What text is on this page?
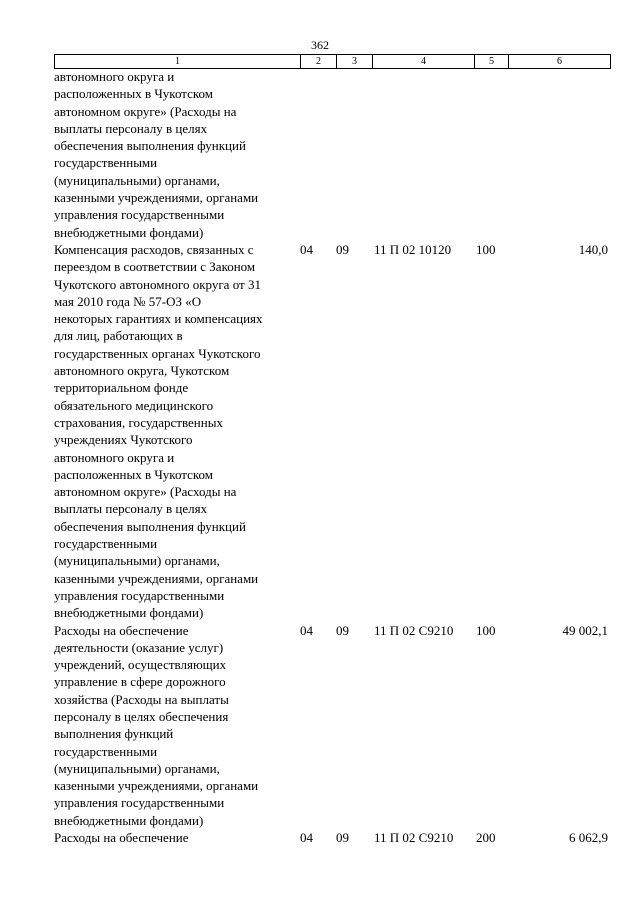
362
1	2	3	4	5	6
автономного округа и
расположенных в Чукотском
автономном округе» (Расходы на
выплаты персоналу в целях
обеспечения выполнения функций
государственными
(муниципальными) органами,
казенными учреждениями, органами
управления государственными
внебюджетными фондами)
Компенсация расходов, связанных с
переездом в соответствии с Законом
Чукотского автономного округа от 31
мая 2010 года № 57-ОЗ «О
некоторых гарантиях и компенсациях
для лиц, работающих в
государственных органах Чукотского
автономного округа, Чукотском
территориальном фонде
обязательного медицинского
страхования, государственных
учреждениях Чукотского
автономного округа и
расположенных в Чукотском
автономном округе» (Расходы на
выплаты персоналу в целях
обеспечения выполнения функций
государственными
(муниципальными) органами,
казенными учреждениями, органами
управления государственными
внебюджетными фондами)
04	09	11 П 02 10120	100	140,0
Расходы на обеспечение
деятельности (оказание услуг)
учреждений, осуществляющих
управление в сфере дорожного
хозяйства (Расходы на выплаты
персоналу в целях обеспечения
выполнения функций
государственными
(муниципальными) органами,
казенными учреждениями, органами
управления государственными
внебюджетными фондами)
04	09	11 П 02 С9210	100	49 002,1
Расходы на обеспечение	04	09	11 П 02 С9210	200	6 062,9
